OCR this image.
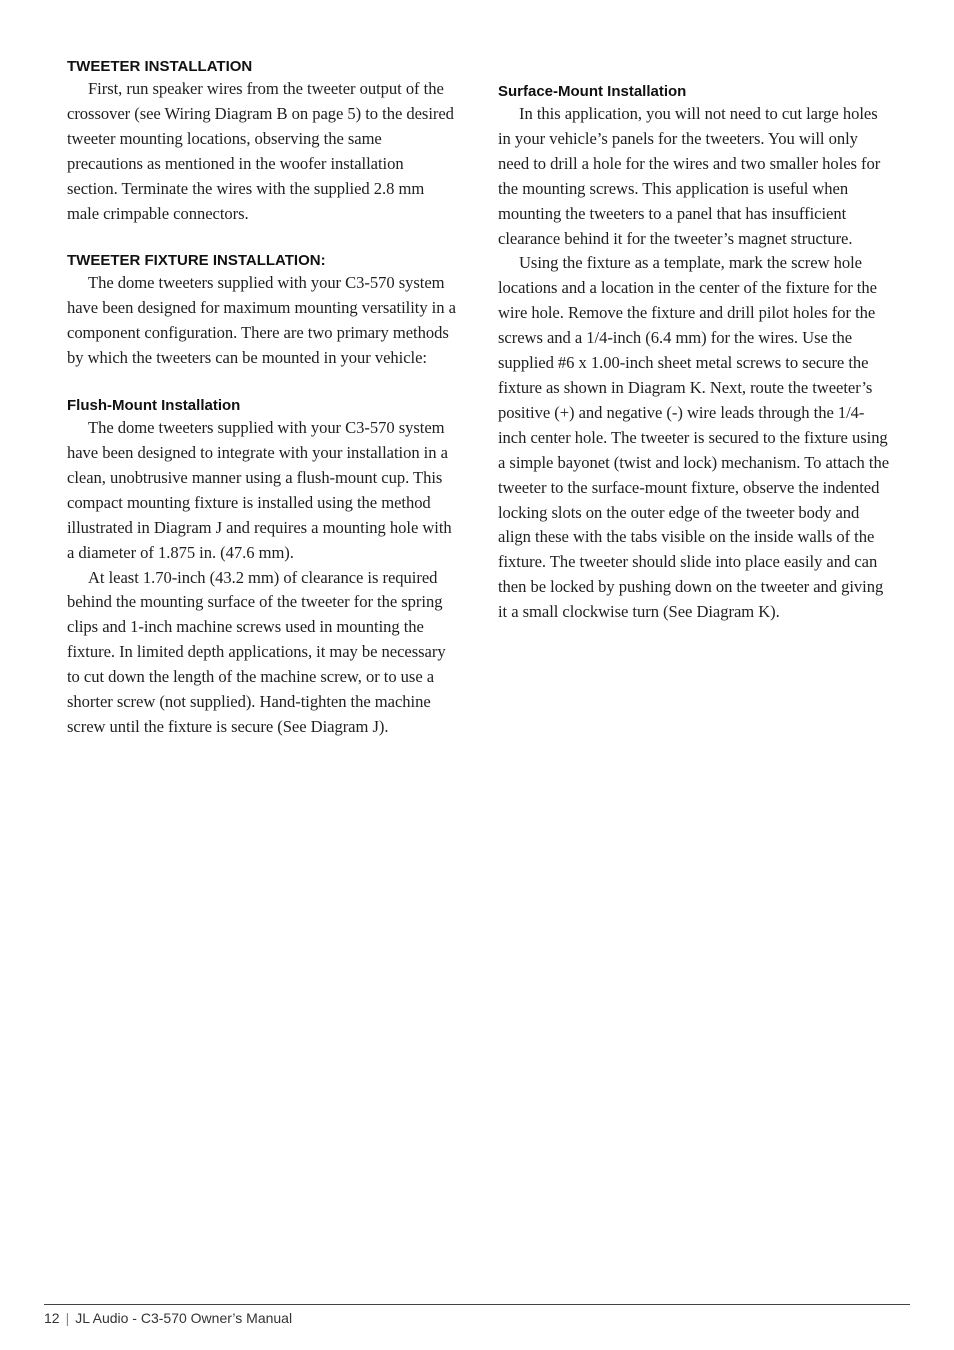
TWEETER INSTALLATION

First, run speaker wires from the tweeter output of the crossover (see Wiring Diagram B on page 5) to the desired tweeter mounting locations, observing the same precautions as mentioned in the woofer installation section. Terminate the wires with the supplied 2.8 mm male crimpable connectors.

TWEETER FIXTURE INSTALLATION:

The dome tweeters supplied with your C3-570 system have been designed for maximum mounting versatility in a component configuration. There are two primary methods by which the tweeters can be mounted in your vehicle:

Flush-Mount Installation

The dome tweeters supplied with your C3-570 system have been designed to integrate with your installation in a clean, unobtrusive manner using a flush-mount cup. This compact mounting fixture is installed using the method illustrated in Diagram J and requires a mounting hole with a diameter of 1.875 in. (47.6 mm).

At least 1.70-inch (43.2 mm) of clearance is required behind the mounting surface of the tweeter for the spring clips and 1-inch machine screws used in mounting the fixture. In limited depth applications, it may be necessary to cut down the length of the machine screw, or to use a shorter screw (not supplied). Hand-tighten the machine screw until the fixture is secure (See Diagram J).

Surface-Mount Installation

In this application, you will not need to cut large holes in your vehicle’s panels for the tweeters. You will only need to drill a hole for the wires and two smaller holes for the mounting screws. This application is useful when mounting the tweeters to a panel that has insufficient clearance behind it for the tweeter’s magnet structure.

Using the fixture as a template, mark the screw hole locations and a location in the center of the fixture for the wire hole. Remove the fixture and drill pilot holes for the screws and a 1/4-inch (6.4 mm) for the wires. Use the supplied #6 x 1.00-inch sheet metal screws to secure the fixture as shown in Diagram K. Next, route the tweeter’s positive (+) and negative (-) wire leads through the 1/4-inch center hole. The tweeter is secured to the fixture using a simple bayonet (twist and lock) mechanism. To attach the tweeter to the surface-mount fixture, observe the indented locking slots on the outer edge of the tweeter body and align these with the tabs visible on the inside walls of the fixture. The tweeter should slide into place easily and can then be locked by pushing down on the tweeter and giving it a small clockwise turn (See Diagram K).

12 | JL Audio - C3-570 Owner’s Manual
